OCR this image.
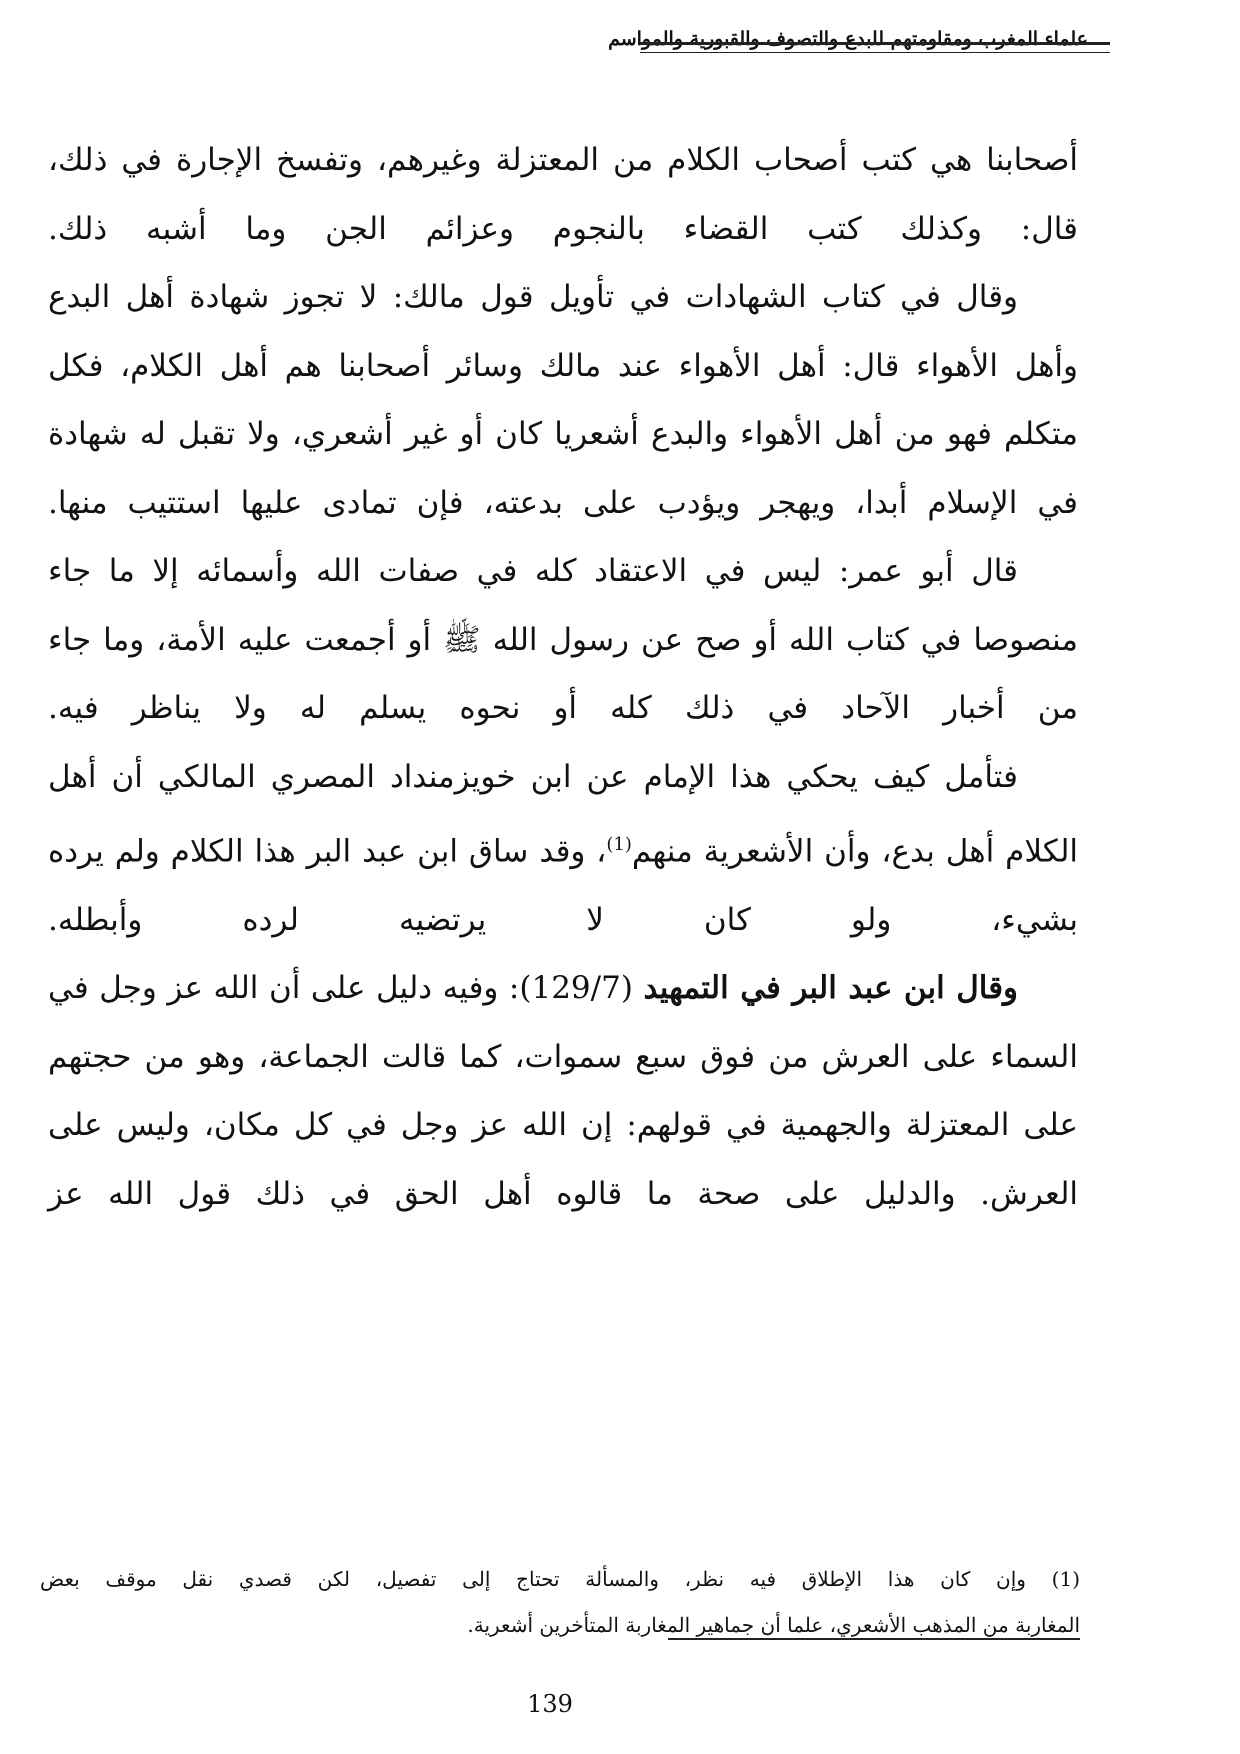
علماء المغرب ومقاومتهم للبدع والتصوف والقبورية والمواسم

أصحابنا هي كتب أصحاب الكلام من المعتزلة وغيرهم، وتفسخ الإجارة في ذلك، قال: وكذلك كتب القضاء بالنجوم وعزائم الجن وما أشبه ذلك.

وقال في كتاب الشهادات في تأويل قول مالك: لا تجوز شهادة أهل البدع وأهل الأهواء قال: أهل الأهواء عند مالك وسائر أصحابنا هم أهل الكلام، فكل متكلم فهو من أهل الأهواء والبدع أشعريا كان أو غير أشعري، ولا تقبل له شهادة في الإسلام أبدا، ويهجر ويؤدب على بدعته، فإن تمادى عليها استتيب منها.

قال أبو عمر: ليس في الاعتقاد كله في صفات الله وأسمائه إلا ما جاء منصوصا في كتاب الله أو صح عن رسول الله ﷺ أو أجمعت عليه الأمة، وما جاء من أخبار الآحاد في ذلك كله أو نحوه يسلم له ولا يناظر فيه.

فتأمل كيف يحكي هذا الإمام عن ابن خويزمنداد المصري المالكي أن أهل الكلام أهل بدع، وأن الأشعرية منهم$^{(1)}$، وقد ساق ابن عبد البر هذا الكلام ولم يرده بشيء، ولو كان لا يرتضيه لرده وأبطله.

وقال ابن عبد البر في التمهيد (129/7): وفيه دليل على أن الله عز وجل في السماء على العرش من فوق سبع سموات، كما قالت الجماعة، وهو من حجتهم على المعتزلة والجهمية في قولهم: إن الله عز وجل في كل مكان، وليس على العرش. والدليل على صحة ما قالوه أهل الحق في ذلك قول الله عز

(1) وإن كان هذا الإطلاق فيه نظر، والمسألة تحتاج إلى تفصيل، لكن قصدي نقل موقف بعض
المغاربة من المذهب الأشعري، علما أن جماهير المغاربة المتأخرين أشعرية.
139
